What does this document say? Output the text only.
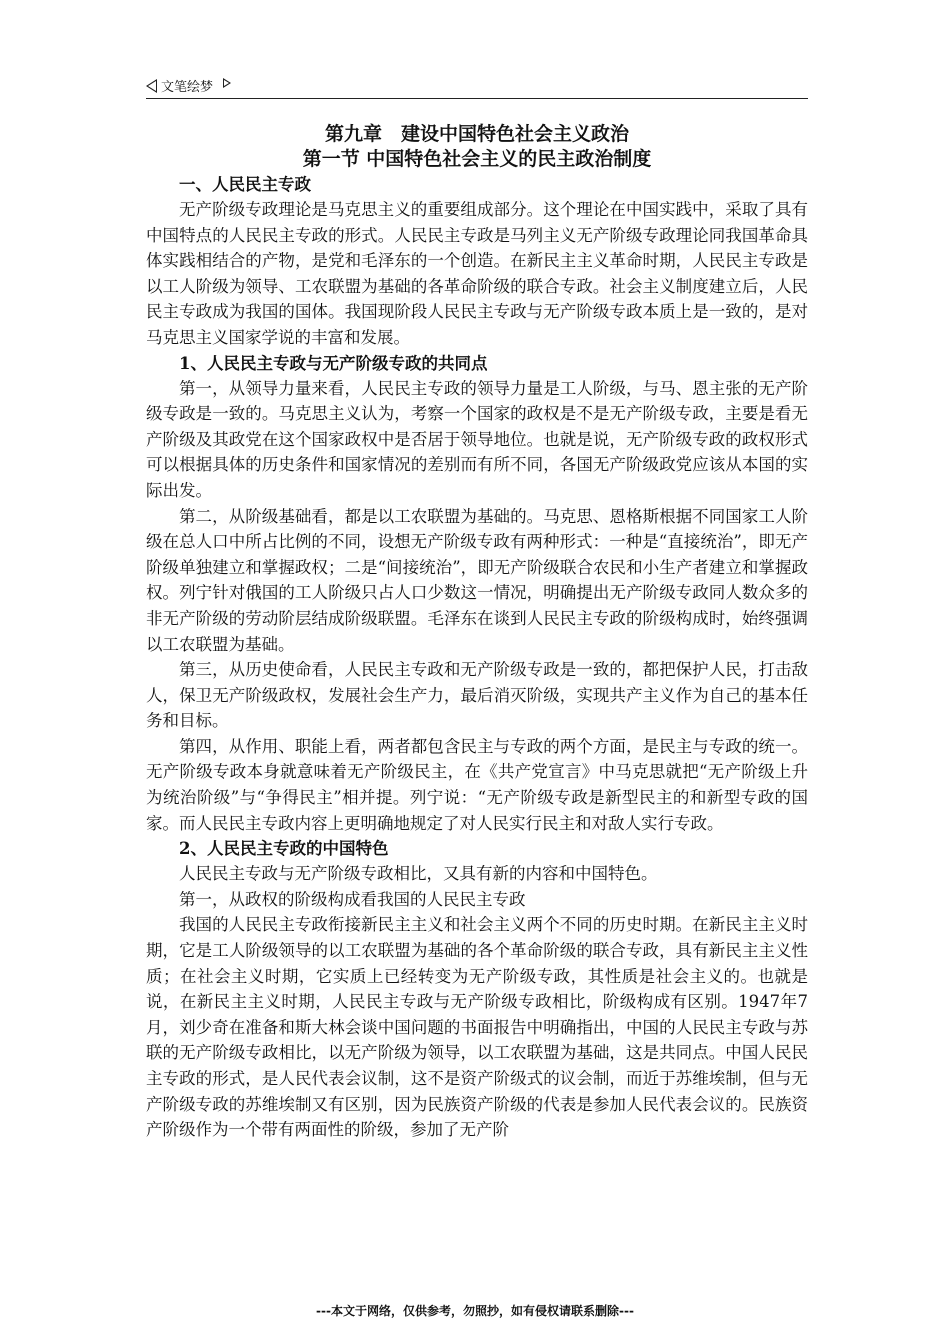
文笔绘梦
第九章　建设中国特色社会主义政治
第一节 中国特色社会主义的民主政治制度
一、人民民主专政

无产阶级专政理论是马克思主义的重要组成部分。这个理论在中国实践中，采取了具有中国特点的人民民主专政的形式。人民民主专政是马列主义无产阶级专政理论同我国革命具体实践相结合的产物，是党和毛泽东的一个创造。在新民主主义革命时期，人民民主专政是以工人阶级为领导、工农联盟为基础的各革命阶级的联合专政。社会主义制度建立后，人民民主专政成为我国的国体。我国现阶段人民民主专政与无产阶级专政本质上是一致的，是对马克思主义国家学说的丰富和发展。

1、人民民主专政与无产阶级专政的共同点

第一，从领导力量来看，人民民主专政的领导力量是工人阶级，与马、恩主张的无产阶级专政是一致的。马克思主义认为，考察一个国家的政权是不是无产阶级专政，主要是看无产阶级及其政党在这个国家政权中是否居于领导地位。也就是说，无产阶级专政的政权形式可以根据具体的历史条件和国家情况的差别而有所不同，各国无产阶级政党应该从本国的实际出发。

第二，从阶级基础看，都是以工农联盟为基础的。马克思、恩格斯根据不同国家工人阶级在总人口中所占比例的不同，设想无产阶级专政有两种形式：一种是“直接统治”，即无产阶级单独建立和掌握政权；二是“间接统治”，即无产阶级联合农民和小生产者建立和掌握政权。列宁针对俄国的工人阶级只占人口少数这一情况，明确提出无产阶级专政同人数众多的非无产阶级的劳动阶层结成阶级联盟。毛泽东在谈到人民民主专政的阶级构成时，始终强调以工农联盟为基础。

第三，从历史使命看，人民民主专政和无产阶级专政是一致的，都把保护人民，打击敌人，保卫无产阶级政权，发展社会生产力，最后消灭阶级，实现共产主义作为自己的基本任务和目标。

第四，从作用、职能上看，两者都包含民主与专政的两个方面，是民主与专政的统一。无产阶级专政本身就意味着无产阶级民主，在《共产党宣言》中马克思就把“无产阶级上升为统治阶级”与“争得民主”相并提。列宁说：“无产阶级专政是新型民主的和新型专政的国家。而人民民主专政内容上更明确地规定了对人民实行民主和对敌人实行专政。

2、人民民主专政的中国特色

人民民主专政与无产阶级专政相比，又具有新的内容和中国特色。

第一，从政权的阶级构成看我国的人民民主专政

我国的人民民主专政衔接新民主主义和社会主义两个不同的历史时期。在新民主主义时期，它是工人阶级领导的以工农联盟为基础的各个革命阶级的联合专政，具有新民主主义性质；在社会主义时期，它实质上已经转变为无产阶级专政，其性质是社会主义的。也就是说，在新民主主义时期，人民民主专政与无产阶级专政相比，阶级构成有区别。1947年7月，刘少奇在准备和斯大林会谈中国问题的书面报告中明确指出，中国的人民民主专政与苏联的无产阶级专政相比，以无产阶级为领导，以工农联盟为基础，这是共同点。中国人民民主专政的形式，是人民代表会议制，这不是资产阶级式的议会制，而近于苏维埃制，但与无产阶级专政的苏维埃制又有区别，因为民族资产阶级的代表是参加人民代表会议的。民族资产阶级作为一个带有两面性的阶级，参加了无产阶

---本文于网络，仅供参考，勿照抄，如有侵权请联系删除---
